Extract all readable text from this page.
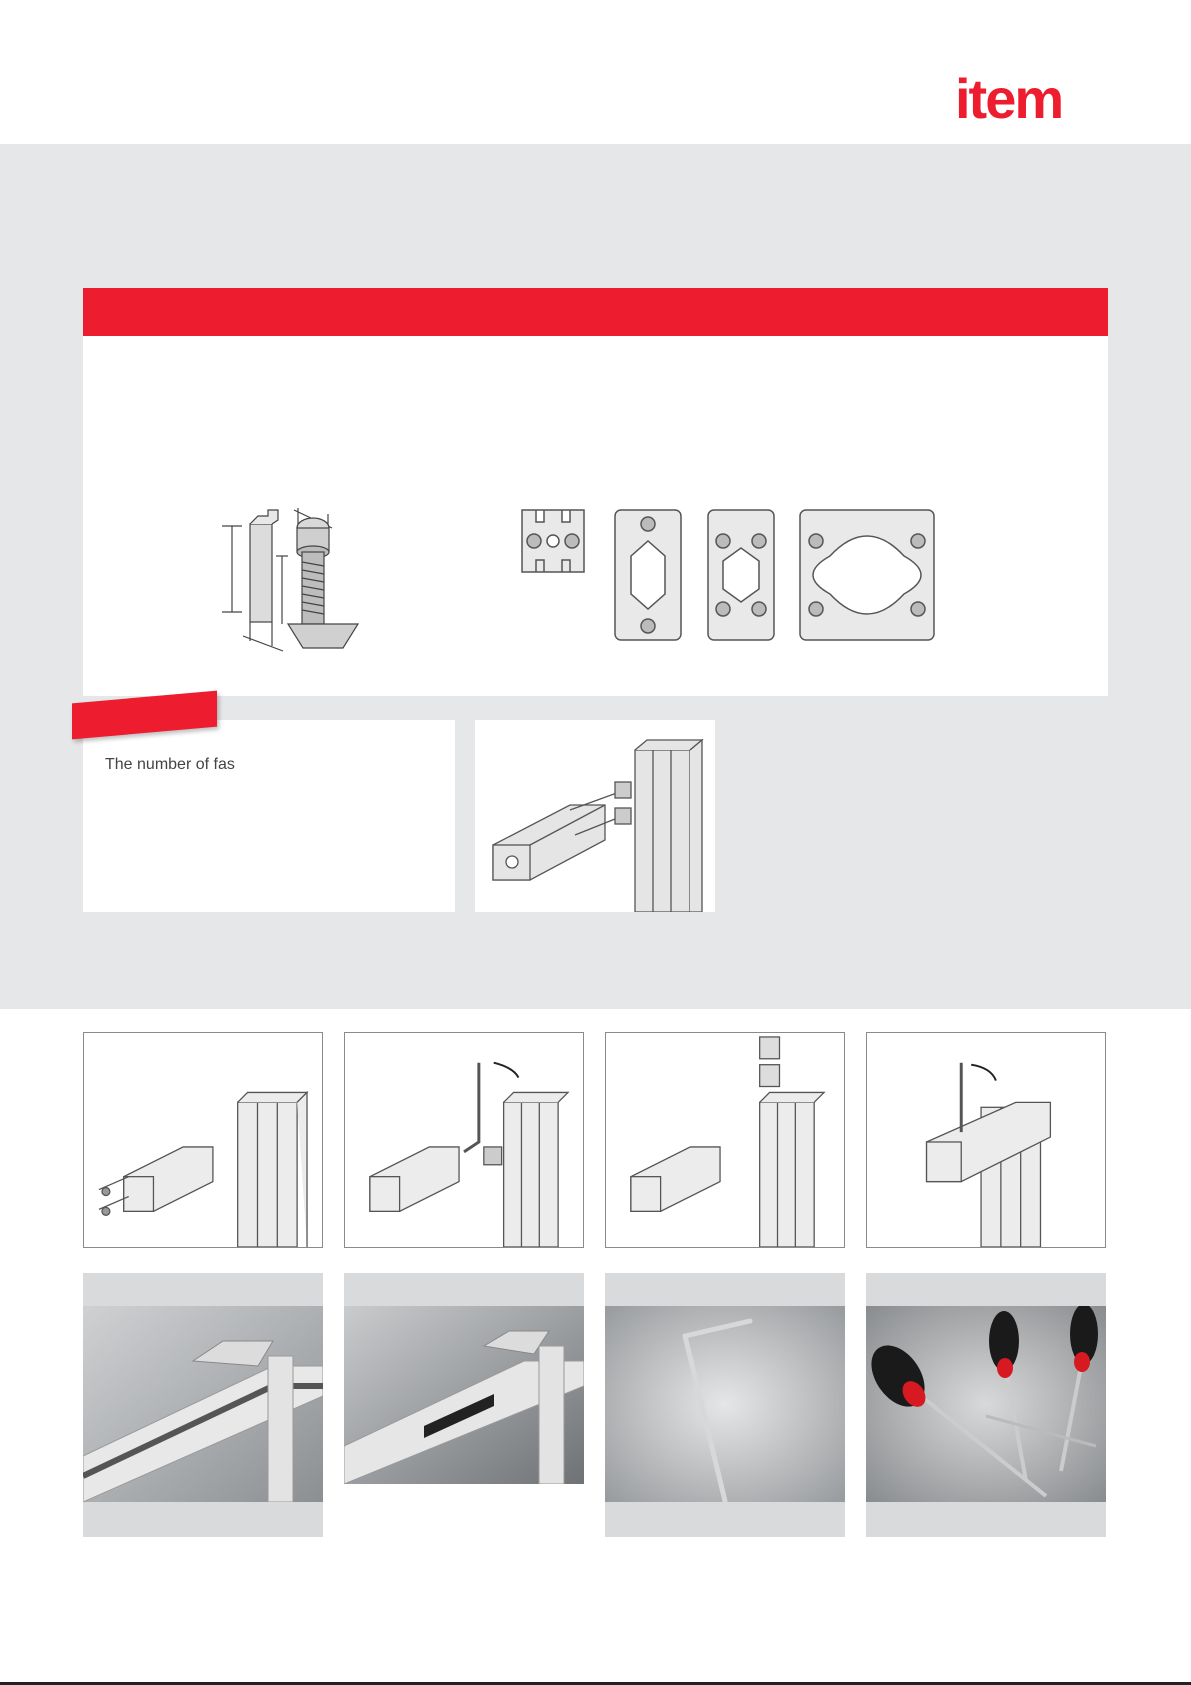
item
The number of fas
